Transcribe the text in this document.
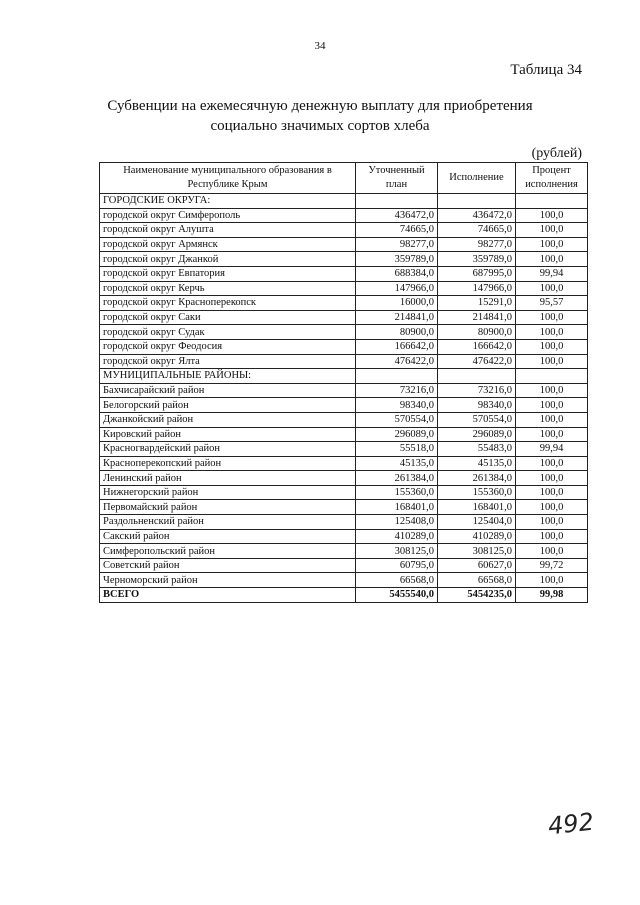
34
Таблица 34
Субвенции на ежемесячную денежную выплату для приобретения
социально значимых сортов хлеба
(рублей)
Наименование муниципального образования в Республике Крым	Уточненный план	Исполнение	Процент исполнения
ГОРОДСКИЕ ОКРУГА:			
городской округ Симферополь	436472,0	436472,0	100,0
городской округ Алушта	74665,0	74665,0	100,0
городской округ Армянск	98277,0	98277,0	100,0
городской округ Джанкой	359789,0	359789,0	100,0
городской округ Евпатория	688384,0	687995,0	99,94
городской округ Керчь	147966,0	147966,0	100,0
городской округ Красноперекопск	16000,0	15291,0	95,57
городской округ Саки	214841,0	214841,0	100,0
городской округ Судак	80900,0	80900,0	100,0
городской округ Феодосия	166642,0	166642,0	100,0
городской округ Ялта	476422,0	476422,0	100,0
МУНИЦИПАЛЬНЫЕ РАЙОНЫ:			
Бахчисарайский район	73216,0	73216,0	100,0
Белогорский район	98340,0	98340,0	100,0
Джанкойский район	570554,0	570554,0	100,0
Кировский район	296089,0	296089,0	100,0
Красногвардейский район	55518,0	55483,0	99,94
Красноперекопский район	45135,0	45135,0	100,0
Ленинский район	261384,0	261384,0	100,0
Нижнегорский район	155360,0	155360,0	100,0
Первомайский район	168401,0	168401,0	100,0
Раздольненский район	125408,0	125404,0	100,0
Сакский район	410289,0	410289,0	100,0
Симферопольский район	308125,0	308125,0	100,0
Советский район	60795,0	60627,0	99,72
Черноморский район	66568,0	66568,0	100,0
ВСЕГО	5455540,0	5454235,0	99,98
492
